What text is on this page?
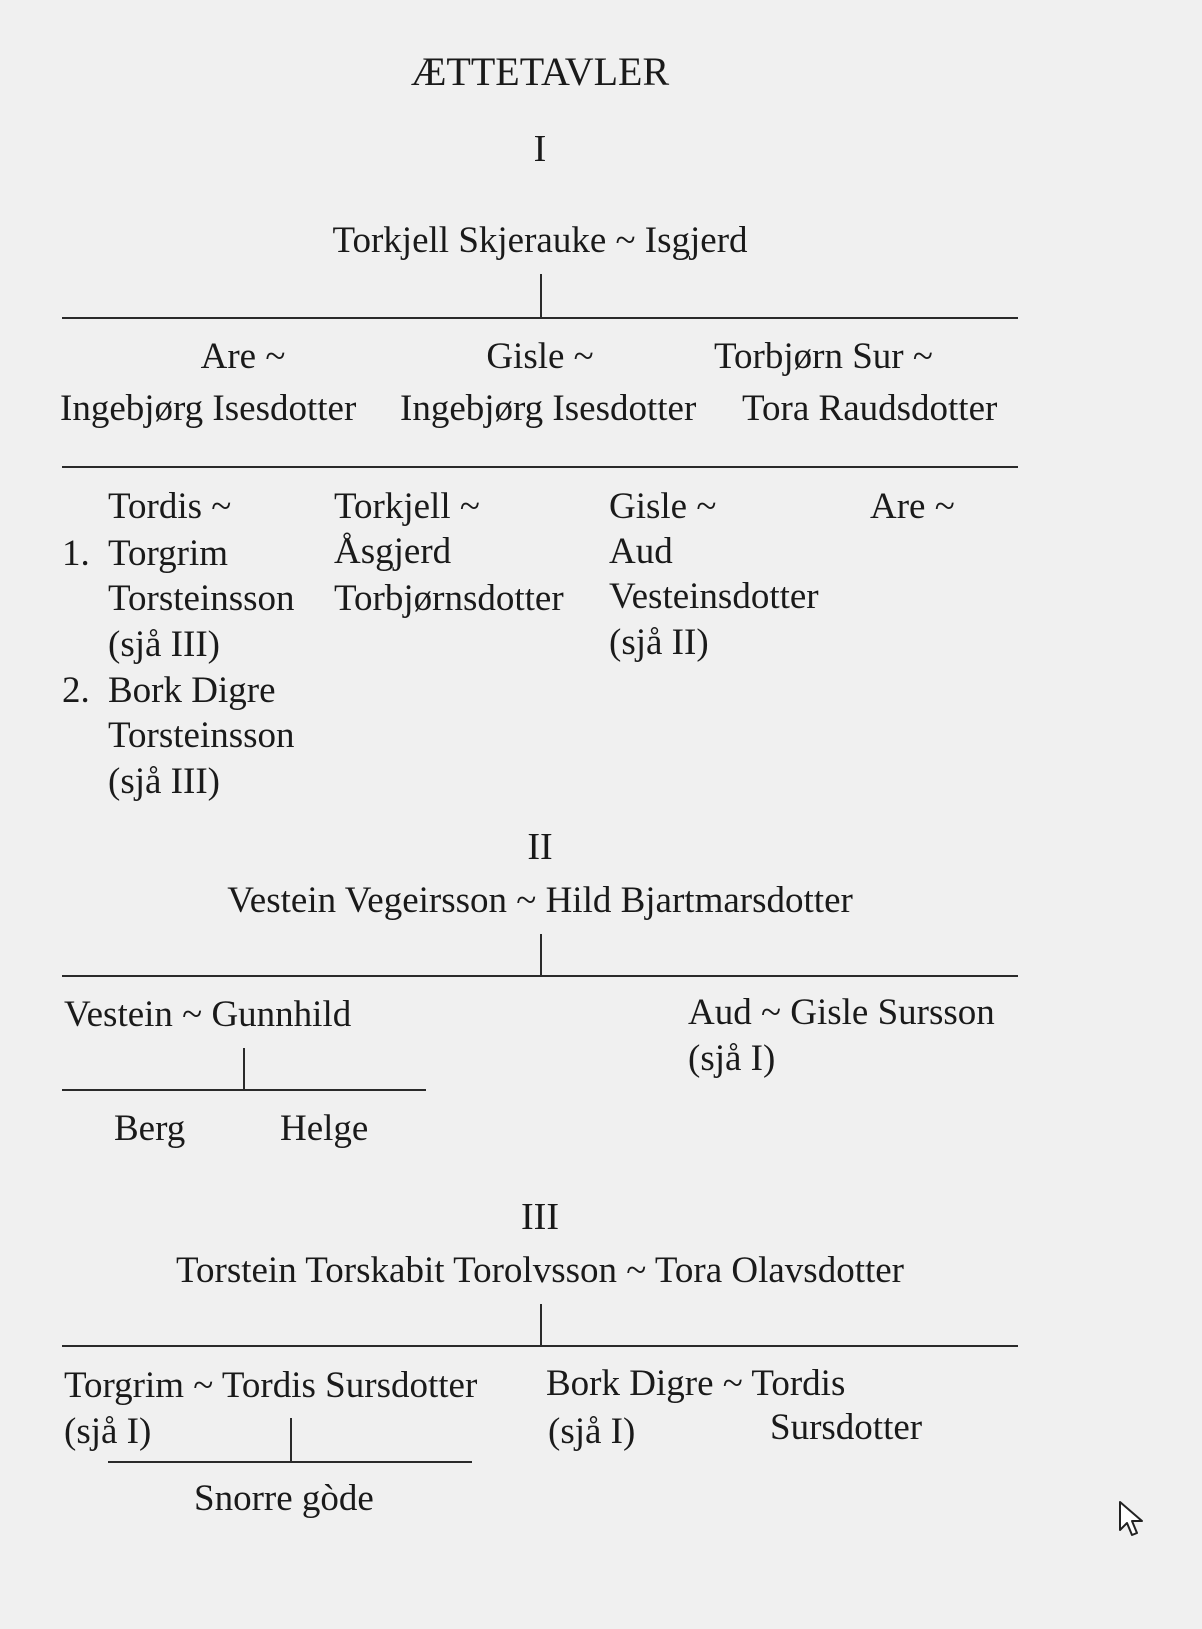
ÆTTETAVLER
I
Torkjell Skjerauke ~ Isgjerd
Are ~
Ingebjørg Isesdotter
Gisle ~
Ingebjørg Isesdotter
Torbjørn Sur ~
Tora Raudsdotter
Tordis ~
1. Torgrim
Torsteinsson
(sjå III)
2. Bork Digre
Torsteinsson
(sjå III)
Torkjell ~
Åsgjerd
Torbjørnsdotter
Gisle ~
Aud
Vesteinsdotter
(sjå II)
Are ~
II
Vestein Vegeirsson ~ Hild Bjartmarsdotter
Vestein ~ Gunnhild	Aud ~ Gisle Sursson
(sjå I)
Berg	Helge
III
Torstein Torskabit Torolvsson ~ Tora Olavsdotter
Torgrim ~ Tordis Sursdotter
(sjå I)
Bork Digre ~ Tordis
Sursdotter
(sjå I)
Snorre gòde
